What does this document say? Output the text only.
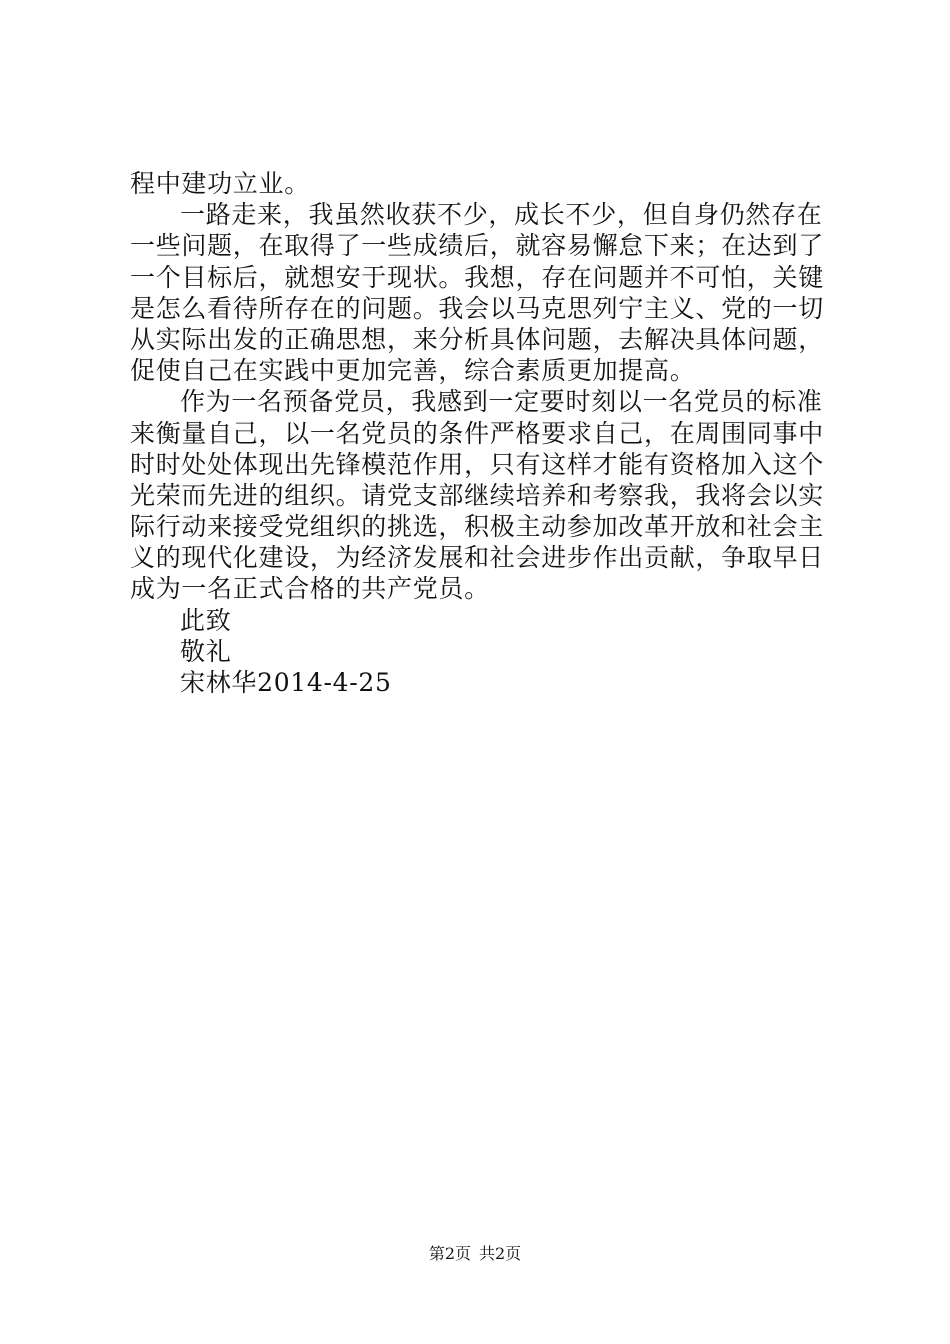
程中建功立业。
一路走来，我虽然收获不少，成长不少，但自身仍然存在
一些问题，在取得了一些成绩后，就容易懈怠下来；在达到了
一个目标后，就想安于现状。我想，存在问题并不可怕，关键
是怎么看待所存在的问题。我会以马克思列宁主义、党的一切
从实际出发的正确思想，来分析具体问题，去解决具体问题，
促使自己在实践中更加完善，综合素质更加提高。
作为一名预备党员，我感到一定要时刻以一名党员的标准
来衡量自己，以一名党员的条件严格要求自己，在周围同事中
时时处处体现出先锋模范作用，只有这样才能有资格加入这个
光荣而先进的组织。请党支部继续培养和考察我，我将会以实
际行动来接受党组织的挑选，积极主动参加改革开放和社会主
义的现代化建设，为经济发展和社会进步作出贡献，争取早日
成为一名正式合格的共产党员。
此致
敬礼
宋林华2014-4-25
第2页 共2页
